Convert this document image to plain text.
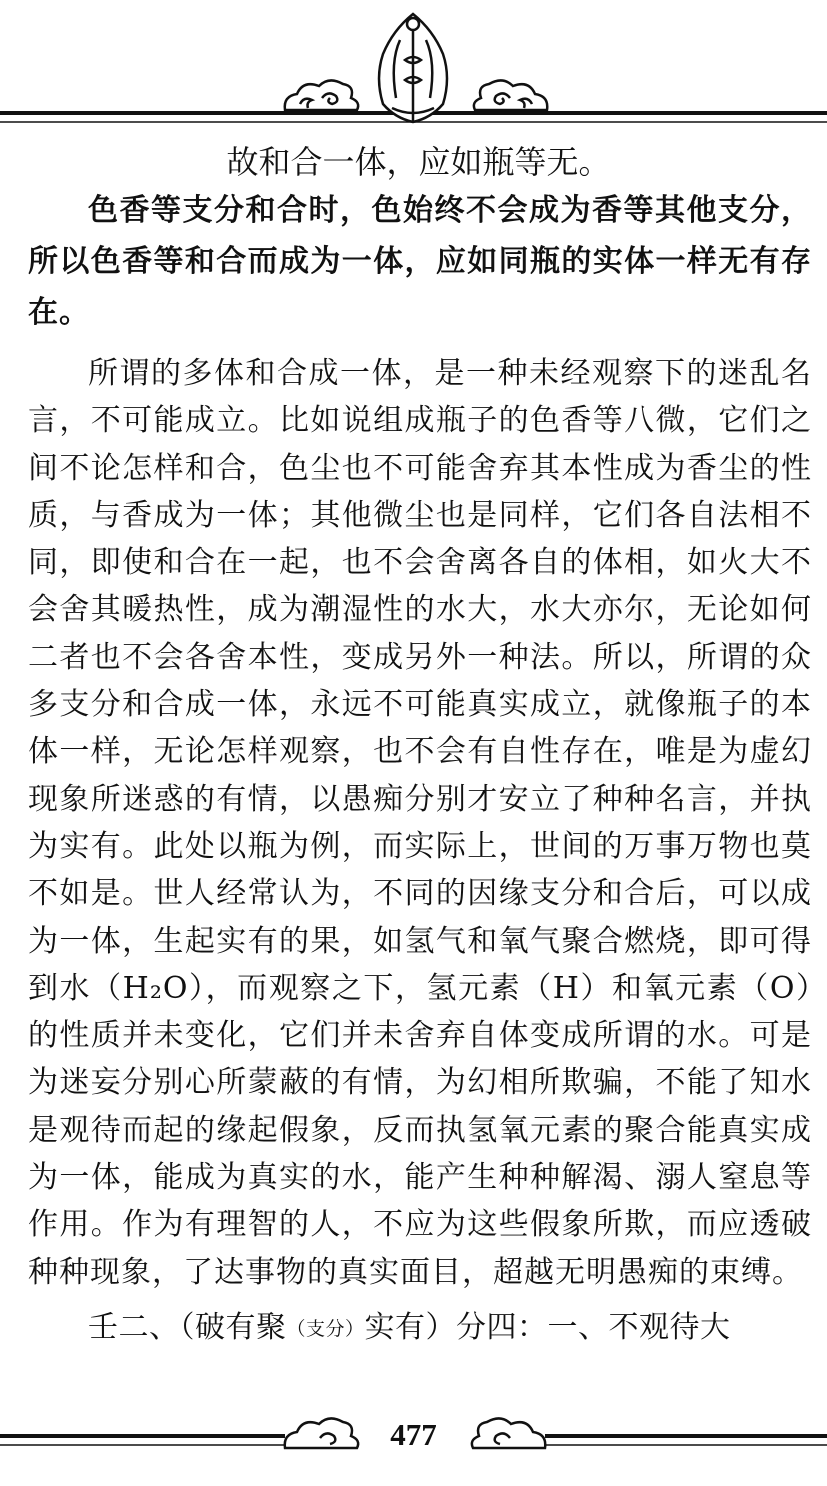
故和合一体，应如瓶等无。

色香等支分和合时，色始终不会成为香等其他支分，所以色香等和合而成为一体，应如同瓶的实体一样无有存在。

所谓的多体和合成一体，是一种未经观察下的迷乱名言，不可能成立。比如说组成瓶子的色香等八微，它们之间不论怎样和合，色尘也不可能舍弃其本性成为香尘的性质，与香成为一体；其他微尘也是同样，它们各自法相不同，即使和合在一起，也不会舍离各自的体相，如火大不会舍其暖热性，成为潮湿性的水大，水大亦尔，无论如何二者也不会各舍本性，变成另外一种法。所以，所谓的众多支分和合成一体，永远不可能真实成立，就像瓶子的本体一样，无论怎样观察，也不会有自性存在，唯是为虚幻现象所迷惑的有情，以愚痴分别才安立了种种名言，并执为实有。此处以瓶为例，而实际上，世间的万事万物也莫不如是。世人经常认为，不同的因缘支分和合后，可以成为一体，生起实有的果，如氢气和氧气聚合燃烧，即可得到水（H₂O），而观察之下，氢元素（H）和氧元素（O）的性质并未变化，它们并未舍弃自体变成所谓的水。可是为迷妄分别心所蒙蔽的有情，为幻相所欺骗，不能了知水是观待而起的缘起假象，反而执氢氧元素的聚合能真实成为一体，能成为真实的水，能产生种种解渴、溺人窒息等作用。作为有理智的人，不应为这些假象所欺，而应透破种种现象，了达事物的真实面目，超越无明愚痴的束缚。

壬二、（破有聚（支分）实有）分四：一、不观待大

477
